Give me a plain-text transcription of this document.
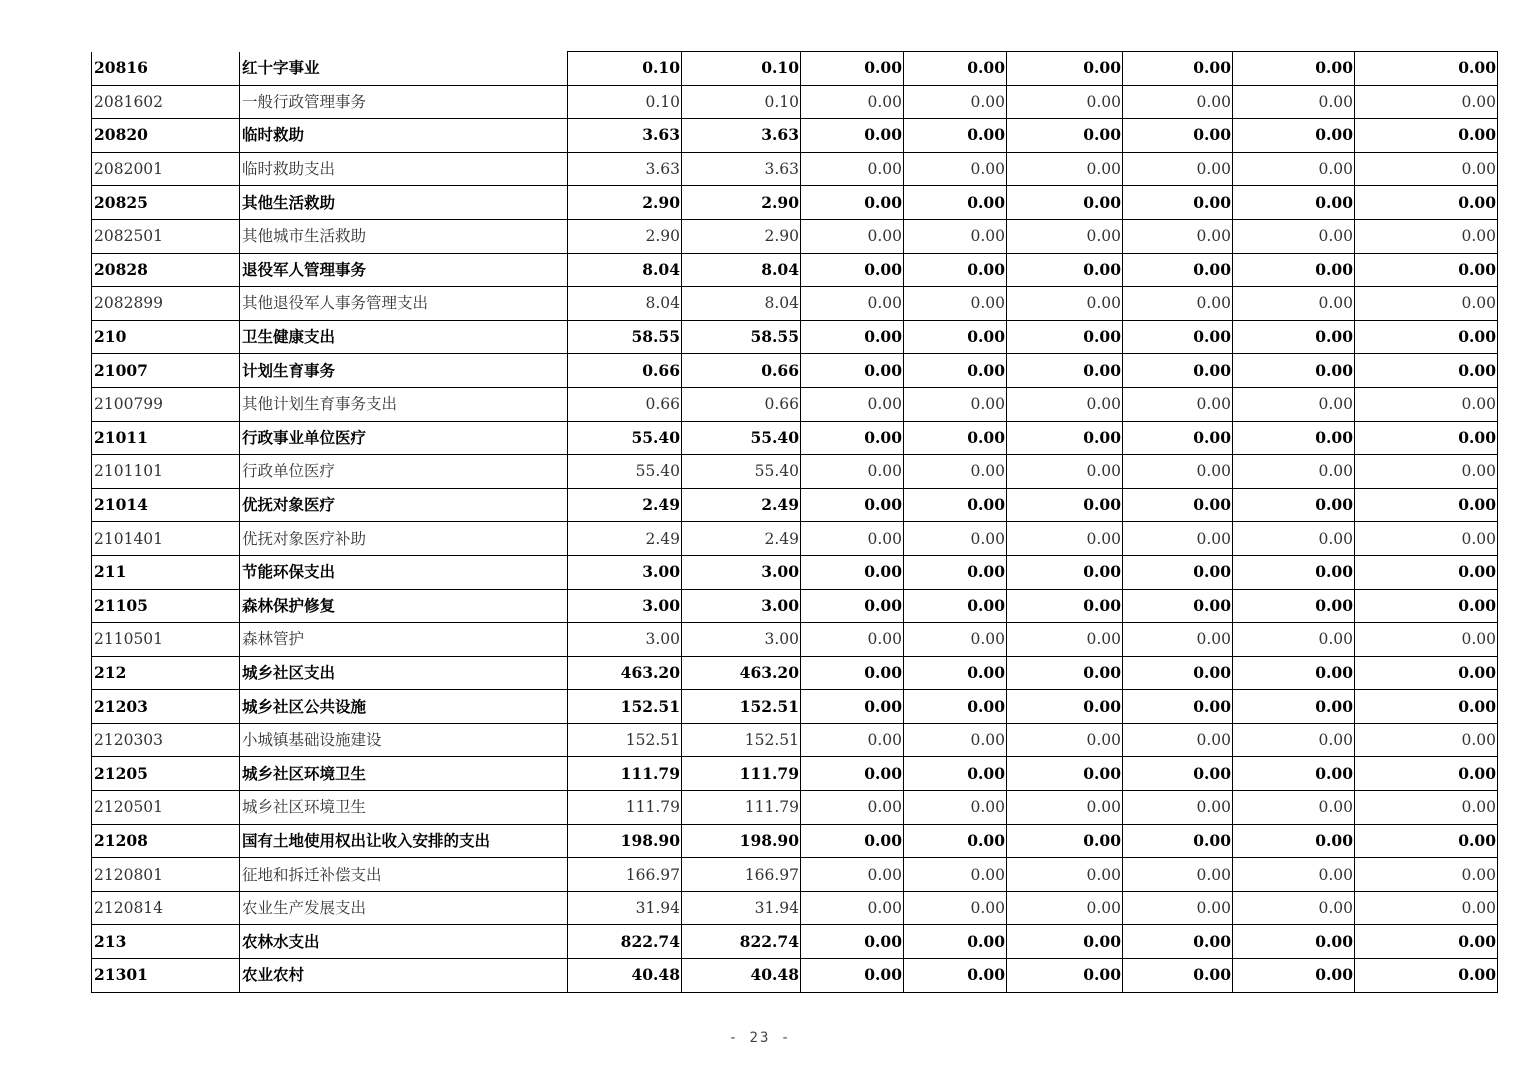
20816	红十字事业	0.10	0.10	0.00	0.00	0.00	0.00	0.00	0.00
2081602	一般行政管理事务	0.10	0.10	0.00	0.00	0.00	0.00	0.00	0.00
20820	临时救助	3.63	3.63	0.00	0.00	0.00	0.00	0.00	0.00
2082001	临时救助支出	3.63	3.63	0.00	0.00	0.00	0.00	0.00	0.00
20825	其他生活救助	2.90	2.90	0.00	0.00	0.00	0.00	0.00	0.00
2082501	其他城市生活救助	2.90	2.90	0.00	0.00	0.00	0.00	0.00	0.00
20828	退役军人管理事务	8.04	8.04	0.00	0.00	0.00	0.00	0.00	0.00
2082899	其他退役军人事务管理支出	8.04	8.04	0.00	0.00	0.00	0.00	0.00	0.00
210	卫生健康支出	58.55	58.55	0.00	0.00	0.00	0.00	0.00	0.00
21007	计划生育事务	0.66	0.66	0.00	0.00	0.00	0.00	0.00	0.00
2100799	其他计划生育事务支出	0.66	0.66	0.00	0.00	0.00	0.00	0.00	0.00
21011	行政事业单位医疗	55.40	55.40	0.00	0.00	0.00	0.00	0.00	0.00
2101101	行政单位医疗	55.40	55.40	0.00	0.00	0.00	0.00	0.00	0.00
21014	优抚对象医疗	2.49	2.49	0.00	0.00	0.00	0.00	0.00	0.00
2101401	优抚对象医疗补助	2.49	2.49	0.00	0.00	0.00	0.00	0.00	0.00
211	节能环保支出	3.00	3.00	0.00	0.00	0.00	0.00	0.00	0.00
21105	森林保护修复	3.00	3.00	0.00	0.00	0.00	0.00	0.00	0.00
2110501	森林管护	3.00	3.00	0.00	0.00	0.00	0.00	0.00	0.00
212	城乡社区支出	463.20	463.20	0.00	0.00	0.00	0.00	0.00	0.00
21203	城乡社区公共设施	152.51	152.51	0.00	0.00	0.00	0.00	0.00	0.00
2120303	小城镇基础设施建设	152.51	152.51	0.00	0.00	0.00	0.00	0.00	0.00
21205	城乡社区环境卫生	111.79	111.79	0.00	0.00	0.00	0.00	0.00	0.00
2120501	城乡社区环境卫生	111.79	111.79	0.00	0.00	0.00	0.00	0.00	0.00
21208	国有土地使用权出让收入安排的支出	198.90	198.90	0.00	0.00	0.00	0.00	0.00	0.00
2120801	征地和拆迁补偿支出	166.97	166.97	0.00	0.00	0.00	0.00	0.00	0.00
2120814	农业生产发展支出	31.94	31.94	0.00	0.00	0.00	0.00	0.00	0.00
213	农林水支出	822.74	822.74	0.00	0.00	0.00	0.00	0.00	0.00
21301	农业农村	40.48	40.48	0.00	0.00	0.00	0.00	0.00	0.00
- 23 -
